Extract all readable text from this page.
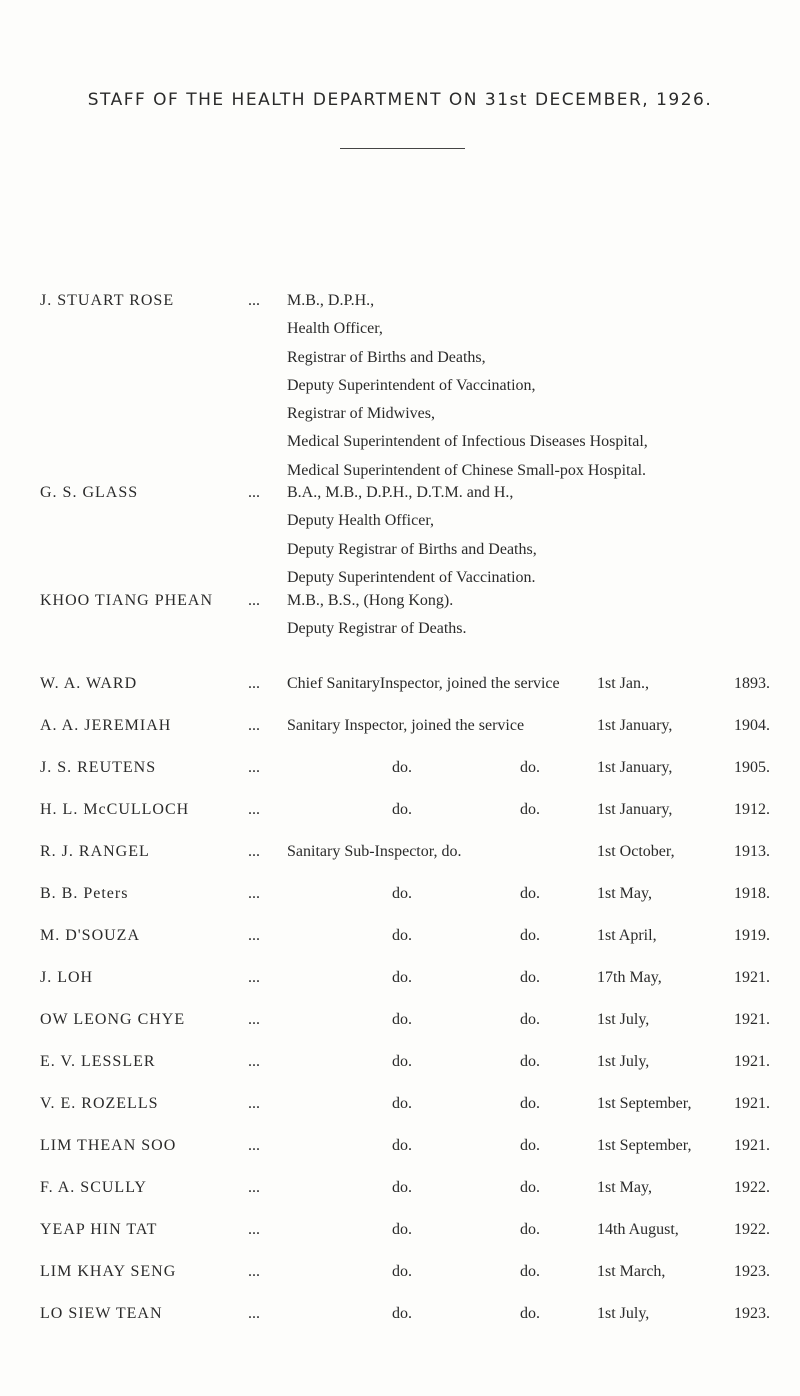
STAFF OF THE HEALTH DEPARTMENT ON 31st DECEMBER, 1926.
J. STUART ROSE	... M.B., D.P.H.,
Health Officer,
Registrar of Births and Deaths,
Deputy Superintendent of Vaccination,
Registrar of Midwives,
Medical Superintendent of Infectious Diseases Hospital,
Medical Superintendent of Chinese Small-pox Hospital.
G. S. GLASS	... B.A., M.B., D.P.H., D.T.M. and H.,
Deputy Health Officer,
Deputy Registrar of Births and Deaths,
Deputy Superintendent of Vaccination.
KHOO TIANG PHEAN	... M.B., B.S., (Hong Kong).
Deputy Registrar of Deaths.
W. A. WARD	... Chief SanitaryInspector, joined the service 1st Jan.,	1893.
A. A. JEREMIAH	... Sanitary Inspector, joined the service	1st January,	1904.
J. S. REUTENS	...	do.	do.	1st January,	1905.
H. L. McCULLOCH	...	do.	do.	1st January,	1912.
R. J. RANGEL	... Sanitary Sub-Inspector, do.	1st October,	1913.
B. B. Peters	...	do.	do.	1st May,	1918.
M. D'SOUZA	...	do.	do.	1st April,	1919.
J. LOH	...	do.	do.	17th May,	1921.
OW LEONG CHYE	...	do.	do.	1st July,	1921.
E. V. LESSLER	...	do.	do.	1st July,	1921.
V. E. ROZELLS	...	do.	do.	1st September,	1921.
LIM THEAN SOO	...	do.	do.	1st September,	1921.
F. A. SCULLY	...	do.	do.	1st May,	1922.
YEAP HIN TAT	...	do.	do.	14th August,	1922.
LIM KHAY SENG	...	do.	do.	1st March,	1923.
LO SIEW TEAN	...	do.	do.	1st July,	1923.
